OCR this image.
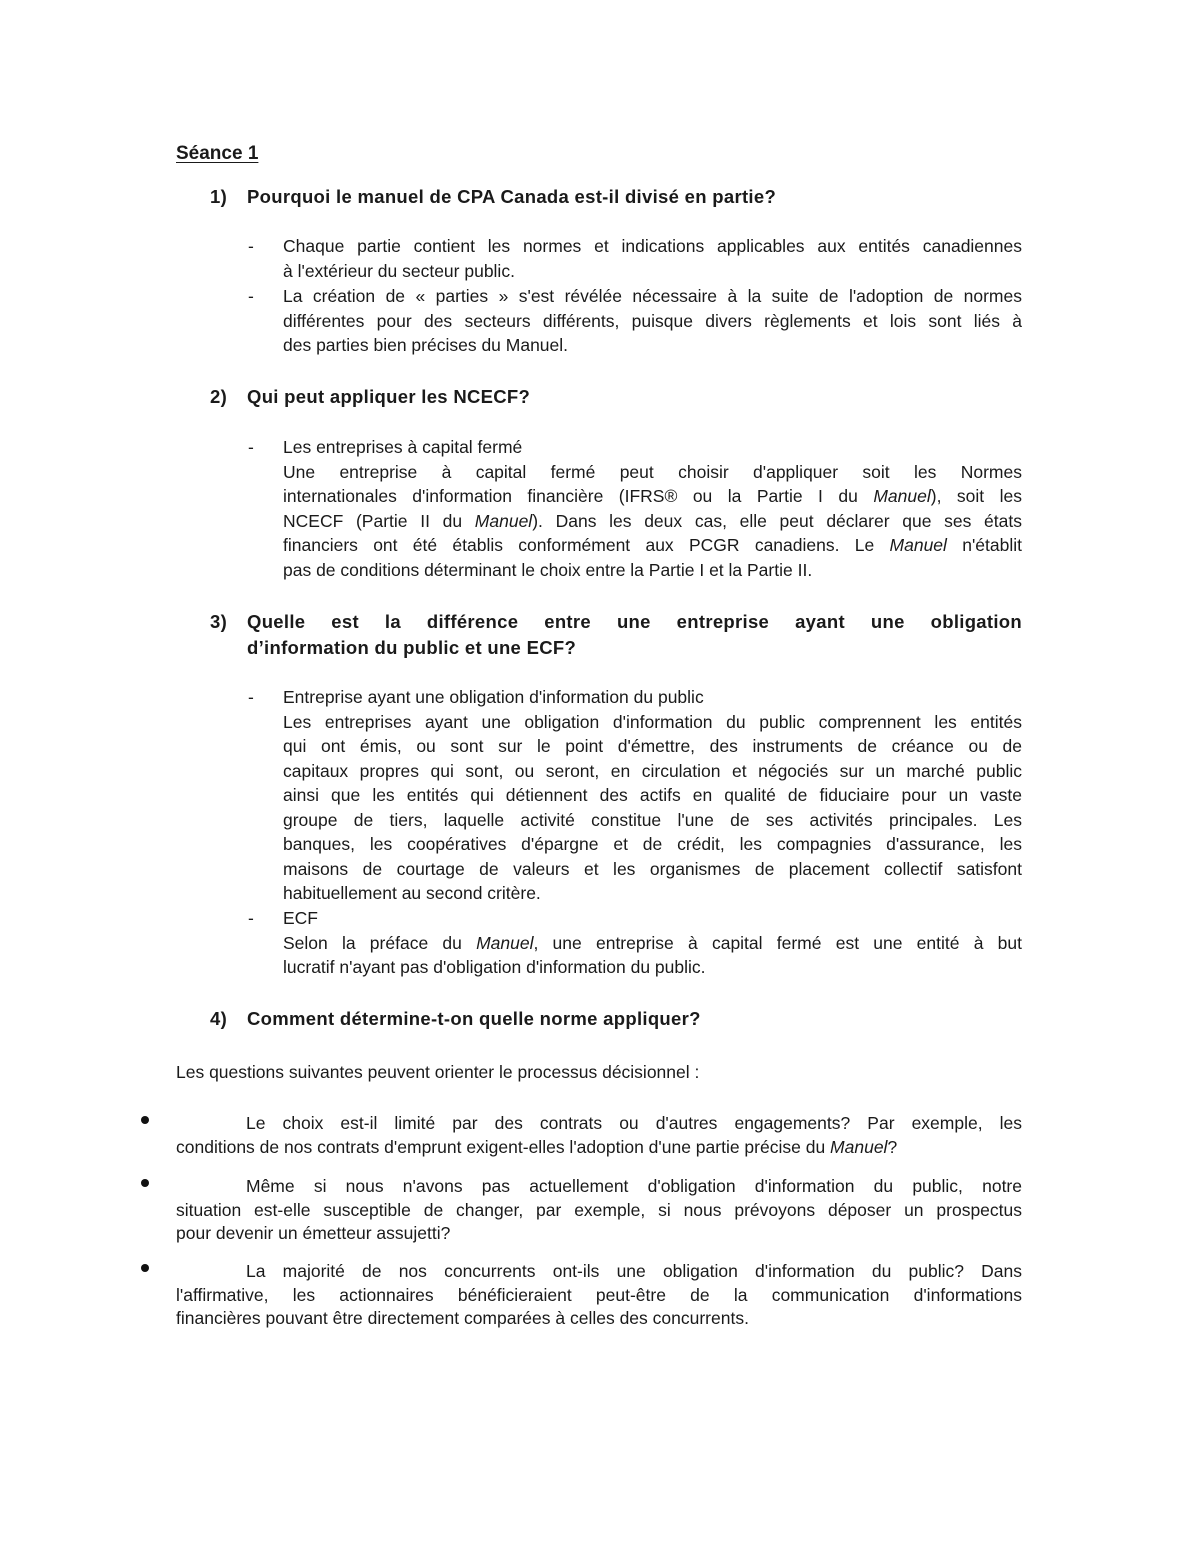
Séance 1
1) Pourquoi le manuel de CPA Canada est-il divisé en partie?
- Chaque partie contient les normes et indications applicables aux entités canadiennes
à l'extérieur du secteur public.
- La création de « parties » s'est révélée nécessaire à la suite de l'adoption de normes
différentes pour des secteurs différents, puisque divers règlements et lois sont liés à
des parties bien précises du Manuel.
2) Qui peut appliquer les NCECF?
- Les entreprises à capital fermé
Une entreprise à capital fermé peut choisir d'appliquer soit les Normes
internationales d'information financière (IFRS® ou la Partie I du Manuel), soit les
NCECF (Partie II du Manuel). Dans les deux cas, elle peut déclarer que ses états
financiers ont été établis conformément aux PCGR canadiens. Le Manuel n'établit
pas de conditions déterminant le choix entre la Partie I et la Partie II.
3) Quelle est la différence entre une entreprise ayant une obligation
d’information du public et une ECF?
- Entreprise ayant une obligation d'information du public
Les entreprises ayant une obligation d'information du public comprennent les entités
qui ont émis, ou sont sur le point d'émettre, des instruments de créance ou de
capitaux propres qui sont, ou seront, en circulation et négociés sur un marché public
ainsi que les entités qui détiennent des actifs en qualité de fiduciaire pour un vaste
groupe de tiers, laquelle activité constitue l'une de ses activités principales. Les
banques, les coopératives d'épargne et de crédit, les compagnies d'assurance, les
maisons de courtage de valeurs et les organismes de placement collectif satisfont
habituellement au second critère.
- ECF
Selon la préface du Manuel, une entreprise à capital fermé est une entité à but
lucratif n'ayant pas d'obligation d'information du public.
4) Comment détermine-t-on quelle norme appliquer?
Les questions suivantes peuvent orienter le processus décisionnel :
Le choix est-il limité par des contrats ou d'autres engagements? Par exemple, les
conditions de nos contrats d'emprunt exigent-elles l'adoption d'une partie précise du Manuel?
Même si nous n'avons pas actuellement d'obligation d'information du public, notre
situation est-elle susceptible de changer, par exemple, si nous prévoyons déposer un prospectus
pour devenir un émetteur assujetti?
La majorité de nos concurrents ont-ils une obligation d'information du public? Dans
l'affirmative, les actionnaires bénéficieraient peut-être de la communication d'informations
financières pouvant être directement comparées à celles des concurrents.
